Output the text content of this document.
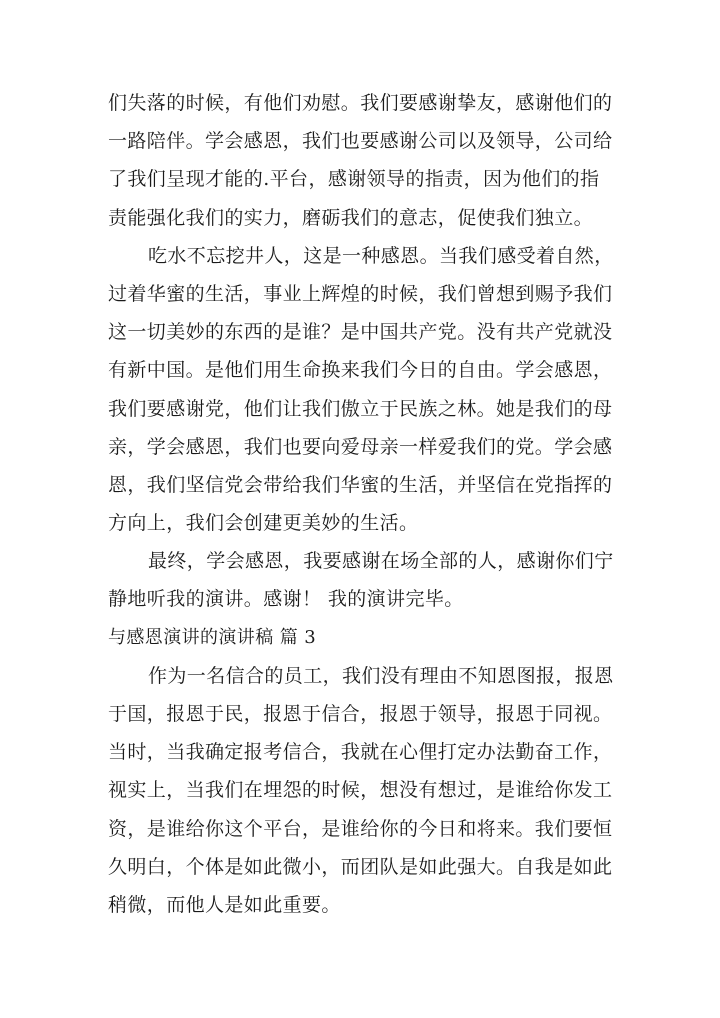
们失落的时候，有他们劝慰。我们要感谢挚友，感谢他们的
一路陪伴。学会感恩，我们也要感谢公司以及领导，公司给
了我们呈现才能的.平台，感谢领导的指责，因为他们的指
责能强化我们的实力，磨砺我们的意志，促使我们独立。
吃水不忘挖井人，这是一种感恩。当我们感受着自然，
过着华蜜的生活，事业上辉煌的时候，我们曾想到赐予我们
这一切美妙的东西的是谁？是中国共产党。没有共产党就没
有新中国。是他们用生命换来我们今日的自由。学会感恩，
我们要感谢党，他们让我们傲立于民族之林。她是我们的母
亲，学会感恩，我们也要向爱母亲一样爱我们的党。学会感
恩，我们坚信党会带给我们华蜜的生活，并坚信在党指挥的
方向上，我们会创建更美妙的生活。
最终，学会感恩，我要感谢在场全部的人，感谢你们宁
静地听我的演讲。感谢！ 我的演讲完毕。
与感恩演讲的演讲稿 篇 3
作为一名信合的员工，我们没有理由不知恩图报，报恩
于国，报恩于民，报恩于信合，报恩于领导，报恩于同视。
当时，当我确定报考信合，我就在心俚打定办法勤奋工作，
视实上，当我们在埋怨的时候，想没有想过，是谁给你发工
资，是谁给你这个平台，是谁给你的今日和将来。我们要恒
久明白，个体是如此微小，而团队是如此强大。自我是如此
稍微，而他人是如此重要。
